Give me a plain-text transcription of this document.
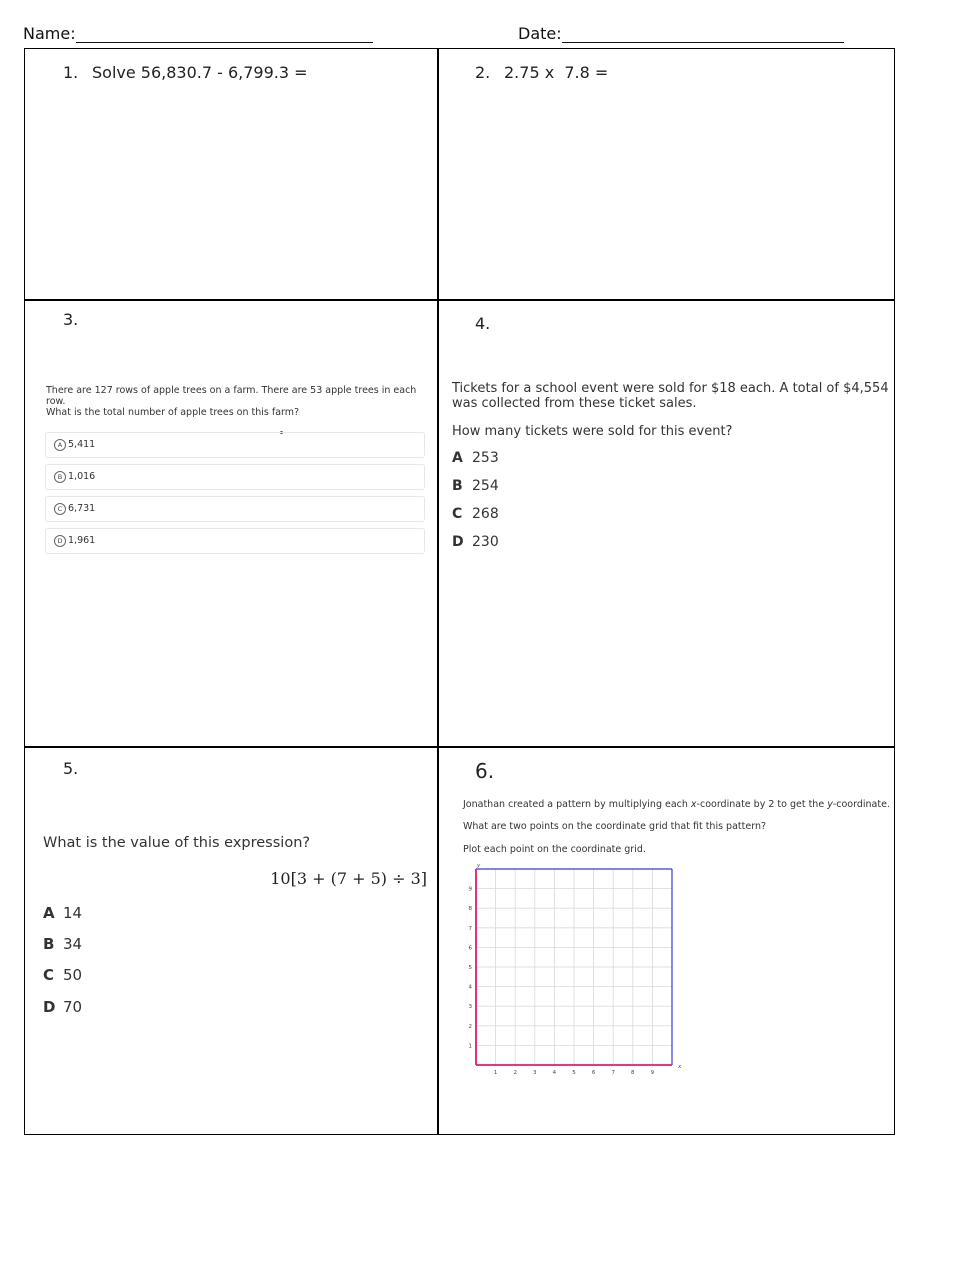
Name:	Date:
1. Solve 56,830.7 - 6,799.3 =	2. 2.75 x  7.8 =
3.
There are 127 rows of apple trees on a farm. There are 53 apple trees in each row.
What is the total number of apple trees on this farm?
A 5,411
B 1,016
C 6,731
D 1,961
4.
Tickets for a school event were sold for $18 each. A total of $4,554
was collected from these ticket sales.
How many tickets were sold for this event?
A 253
B 254
C 268
D 230
5.
What is the value of this expression?
10[3 + (7 + 5) ÷ 3]
A 14
B 34
C 50
D 70
6.
Jonathan created a pattern by multiplying each x-coordinate by 2 to get the y-coordinate.
What are two points on the coordinate grid that fit this pattern?
Plot each point on the coordinate grid.
1	2	3	4	5	6	7	8	9
1
2
3
4
5
6
7
8
9
x
y
